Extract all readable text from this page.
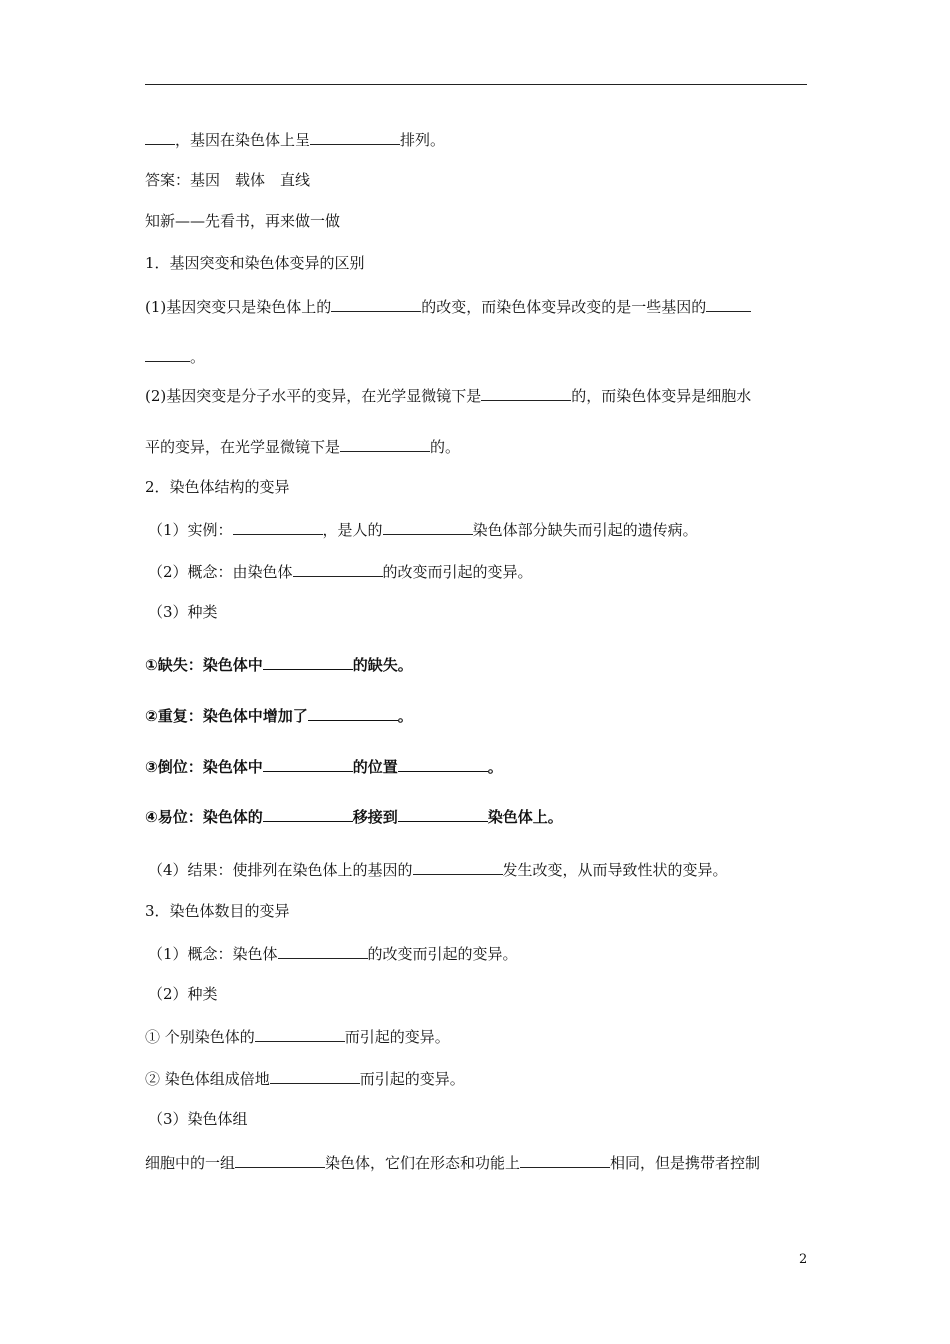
，基因在染色体上呈	排列。
答案：基因　载体　直线
知新——先看书，再来做一做
1．基因突变和染色体变异的区别
(1)基因突变只是染色体上的	的改变，而染色体变异改变的是一些基因的
。
(2)基因突变是分子水平的变异，在光学显微镜下是	的，而染色体变异是细胞水
平的变异，在光学显微镜下是	的。
2．染色体结构的变异
（1）实例：	，是人的	染色体部分缺失而引起的遗传病。
（2）概念：由染色体	的改变而引起的变异。
（3）种类
①缺失：染色体中	的缺失。
②重复：染色体中增加了	。
③倒位：染色体中	的位置	。
④易位：染色体的	移接到	染色体上。
（4）结果：使排列在染色体上的基因的	发生改变，从而导致性状的变异。
3．染色体数目的变异
（1）概念：染色体	的改变而引起的变异。
（2）种类
① 个别染色体的	而引起的变异。
② 染色体组成倍地	而引起的变异。
（3）染色体组
细胞中的一组	染色体，它们在形态和功能上	相同，但是携带者控制
2
